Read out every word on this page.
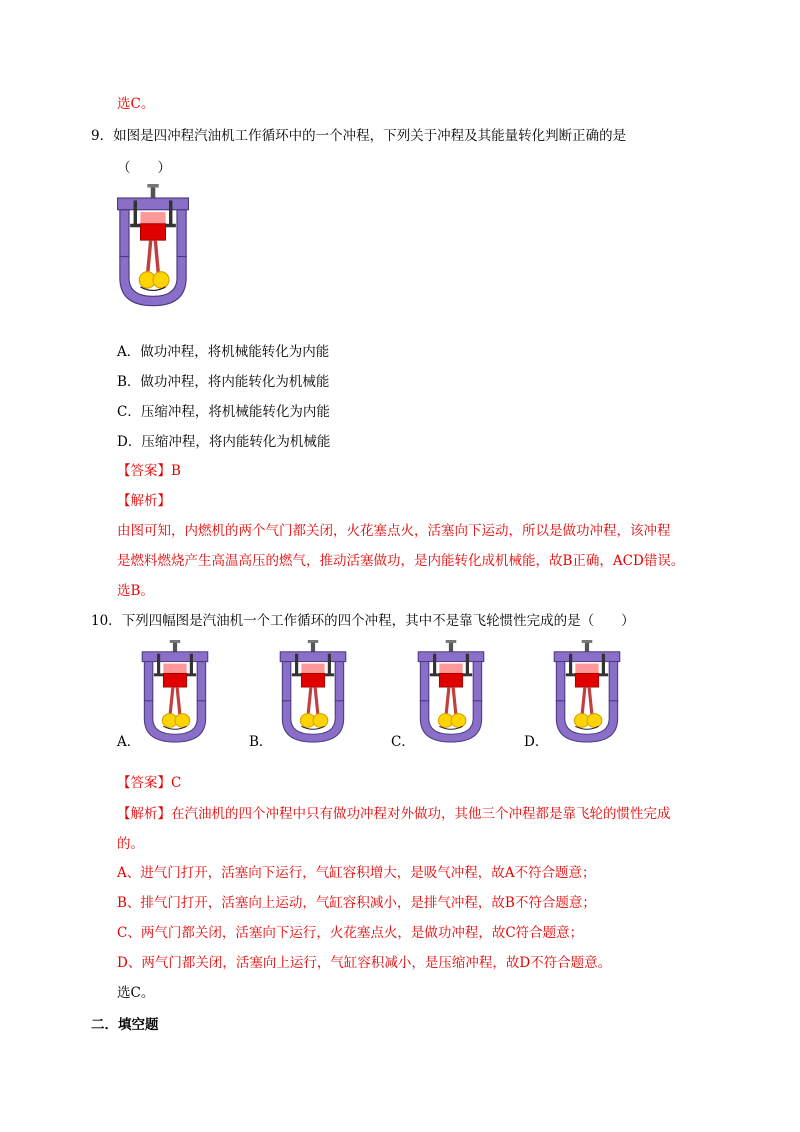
选C。
9．如图是四冲程汽油机工作循环中的一个冲程，下列关于冲程及其能量转化判断正确的是
（　　）
A．做功冲程，将机械能转化为内能
B．做功冲程，将内能转化为机械能
C．压缩冲程，将机械能转化为内能
D．压缩冲程，将内能转化为机械能
【答案】B
【解析】
由图可知，内燃机的两个气门都关闭，火花塞点火，活塞向下运动，所以是做功冲程，该冲程
是燃料燃烧产生高温高压的燃气，推动活塞做功，是内能转化成机械能，故B正确，ACD错误。
选B。
10．下列四幅图是汽油机一个工作循环的四个冲程，其中不是靠飞轮惯性完成的是（　　）
A．	B．	C．	D．
【答案】C
【解析】在汽油机的四个冲程中只有做功冲程对外做功，其他三个冲程都是靠飞轮的惯性完成
的。
A、进气门打开，活塞向下运行，气缸容积增大，是吸气冲程，故A不符合题意；
B、排气门打开，活塞向上运动，气缸容积减小，是排气冲程，故B不符合题意；
C、两气门都关闭，活塞向下运行，火花塞点火，是做功冲程，故C符合题意；
D、两气门都关闭，活塞向上运行，气缸容积减小，是压缩冲程，故D不符合题意。
选C。
二．填空题
